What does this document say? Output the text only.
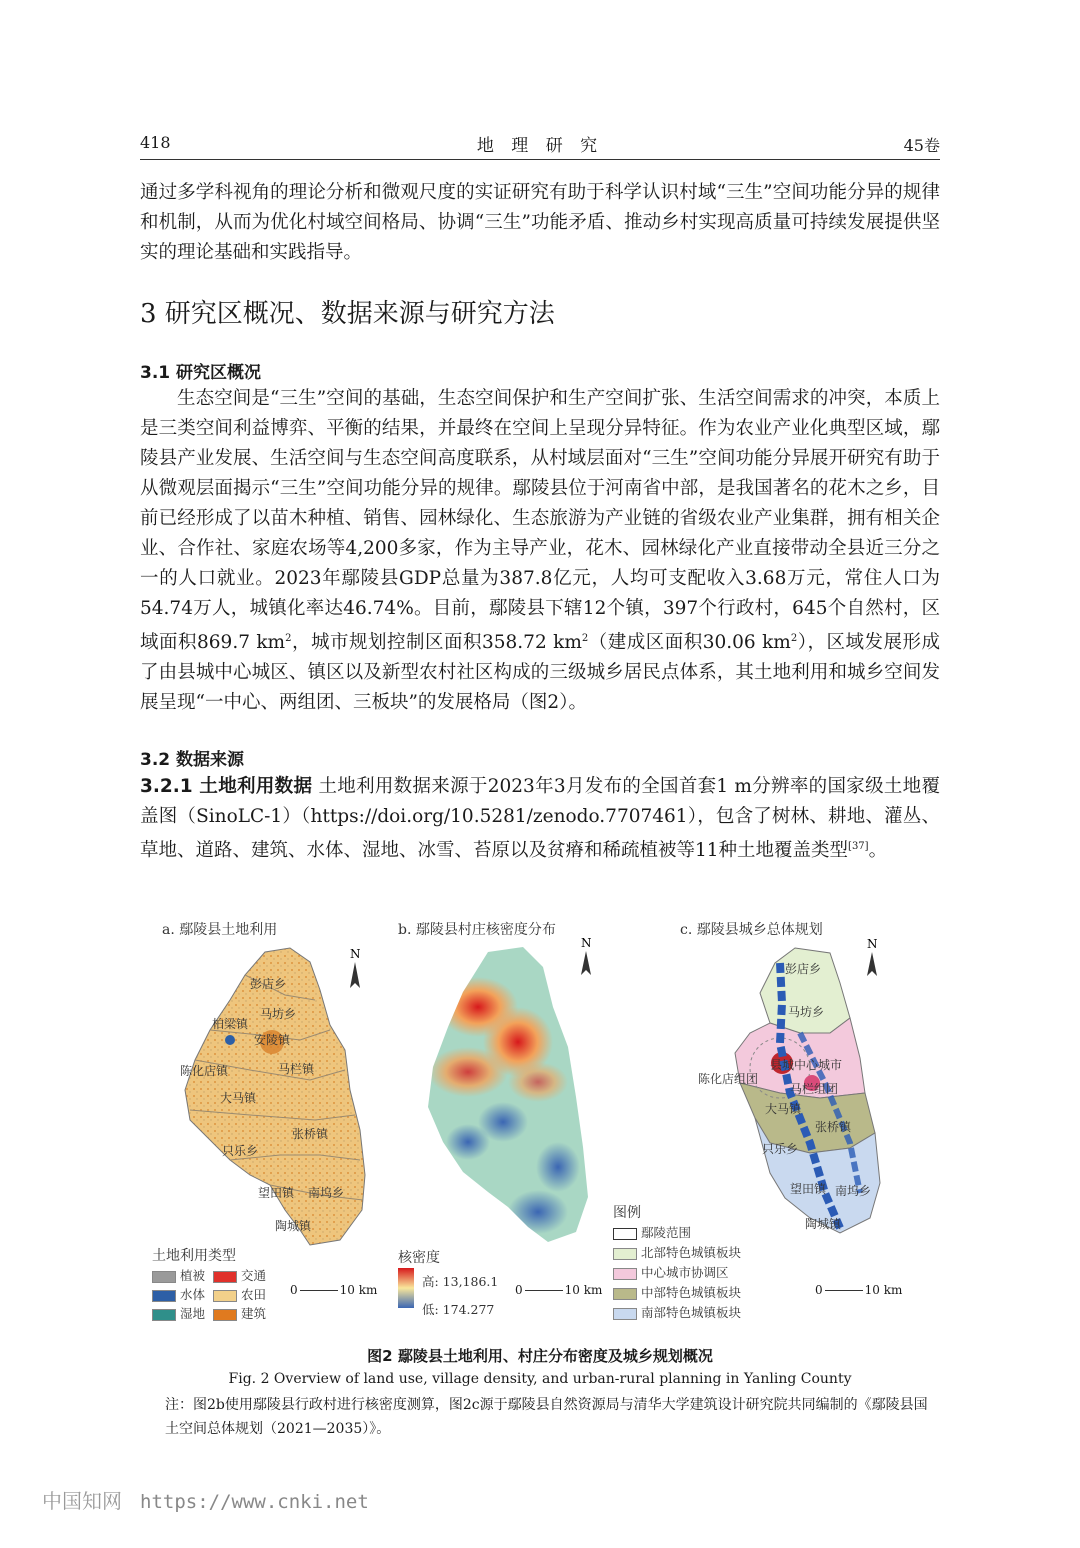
418	地 理 研 究	45卷

通过多学科视角的理论分析和微观尺度的实证研究有助于科学认识村域“三生”空间功能分异的规律和机制，从而为优化村域空间格局、协调“三生”功能矛盾、推动乡村实现高质量可持续发展提供坚实的理论基础和实践指导。

3 研究区概况、数据来源与研究方法
3.1 研究区概况

生态空间是“三生”空间的基础，生态空间保护和生产空间扩张、生活空间需求的冲突，本质上是三类空间利益博弈、平衡的结果，并最终在空间上呈现分异特征。作为农业产业化典型区域，鄢陵县产业发展、生活空间与生态空间高度联系，从村域层面对“三生”空间功能分异展开研究有助于从微观层面揭示“三生”空间功能分异的规律。鄢陵县位于河南省中部，是我国著名的花木之乡，目前已经形成了以苗木种植、销售、园林绿化、生态旅游为产业链的省级农业产业集群，拥有相关企业、合作社、家庭农场等4,200多家，作为主导产业，花木、园林绿化产业直接带动全县近三分之一的人口就业。2023年鄢陵县GDP总量为387.8亿元，人均可支配收入3.68万元，常住人口为54.74万人，城镇化率达46.74%。目前，鄢陵县下辖12个镇，397个行政村，645个自然村，区域面积869.7 $km^2$，城市规划控制区面积358.72 $km^2$（建成区面积30.06 $km^2$），区域发展形成了由县城中心城区、镇区以及新型农村社区构成的三级城乡居民点体系，其土地利用和城乡空间发展呈现“一中心、两组团、三板块”的发展格局（图2）。

3.2 数据来源

3.2.1 土地利用数据 土地利用数据来源于2023年3月发布的全国首套1 m分辨率的国家级土地覆盖图（SinoLC-1）（https://doi.org/10.5281/zenodo.7707461），包含了树林、耕地、灌丛、草地、道路、建筑、水体、湿地、冰雪、苔原以及贫瘠和稀疏植被等11种土地覆盖类型[37]。

a. 鄢陵县土地利用
彭店乡
马坊乡
柏梁镇
安陵镇
陈化店镇	马栏镇
大马镇
张桥镇
只乐乡
望田镇 南坞乡
陶城镇
N
土地利用类型
植被	交通
水体	农田
湿地	建筑
0	10 km
b. 鄢陵县村庄核密度分布
N
核密度
高: 13,186.1
低: 174.277
0	10 km
c. 鄢陵县城乡总体规划
彭店乡
马坊乡
县城中心城市
陈化店组团
马栏组团
大马镇
张桥镇
只乐乡
望田镇 南坞乡
陶城镇
N
图例
鄢陵范围
北部特色城镇板块
中心城市协调区
中部特色城镇板块
南部特色城镇板块
0	10 km
图2 鄢陵县土地利用、村庄分布密度及城乡规划概况
Fig. 2 Overview of land use, village density, and urban-rural planning in Yanling County
注：图2b使用鄢陵县行政村进行核密度测算，图2c源于鄢陵县自然资源局与清华大学建筑设计研究院共同编制的《鄢陵县国土空间总体规划（2021—2035）》。
中国知网 https://www.cnki.net
